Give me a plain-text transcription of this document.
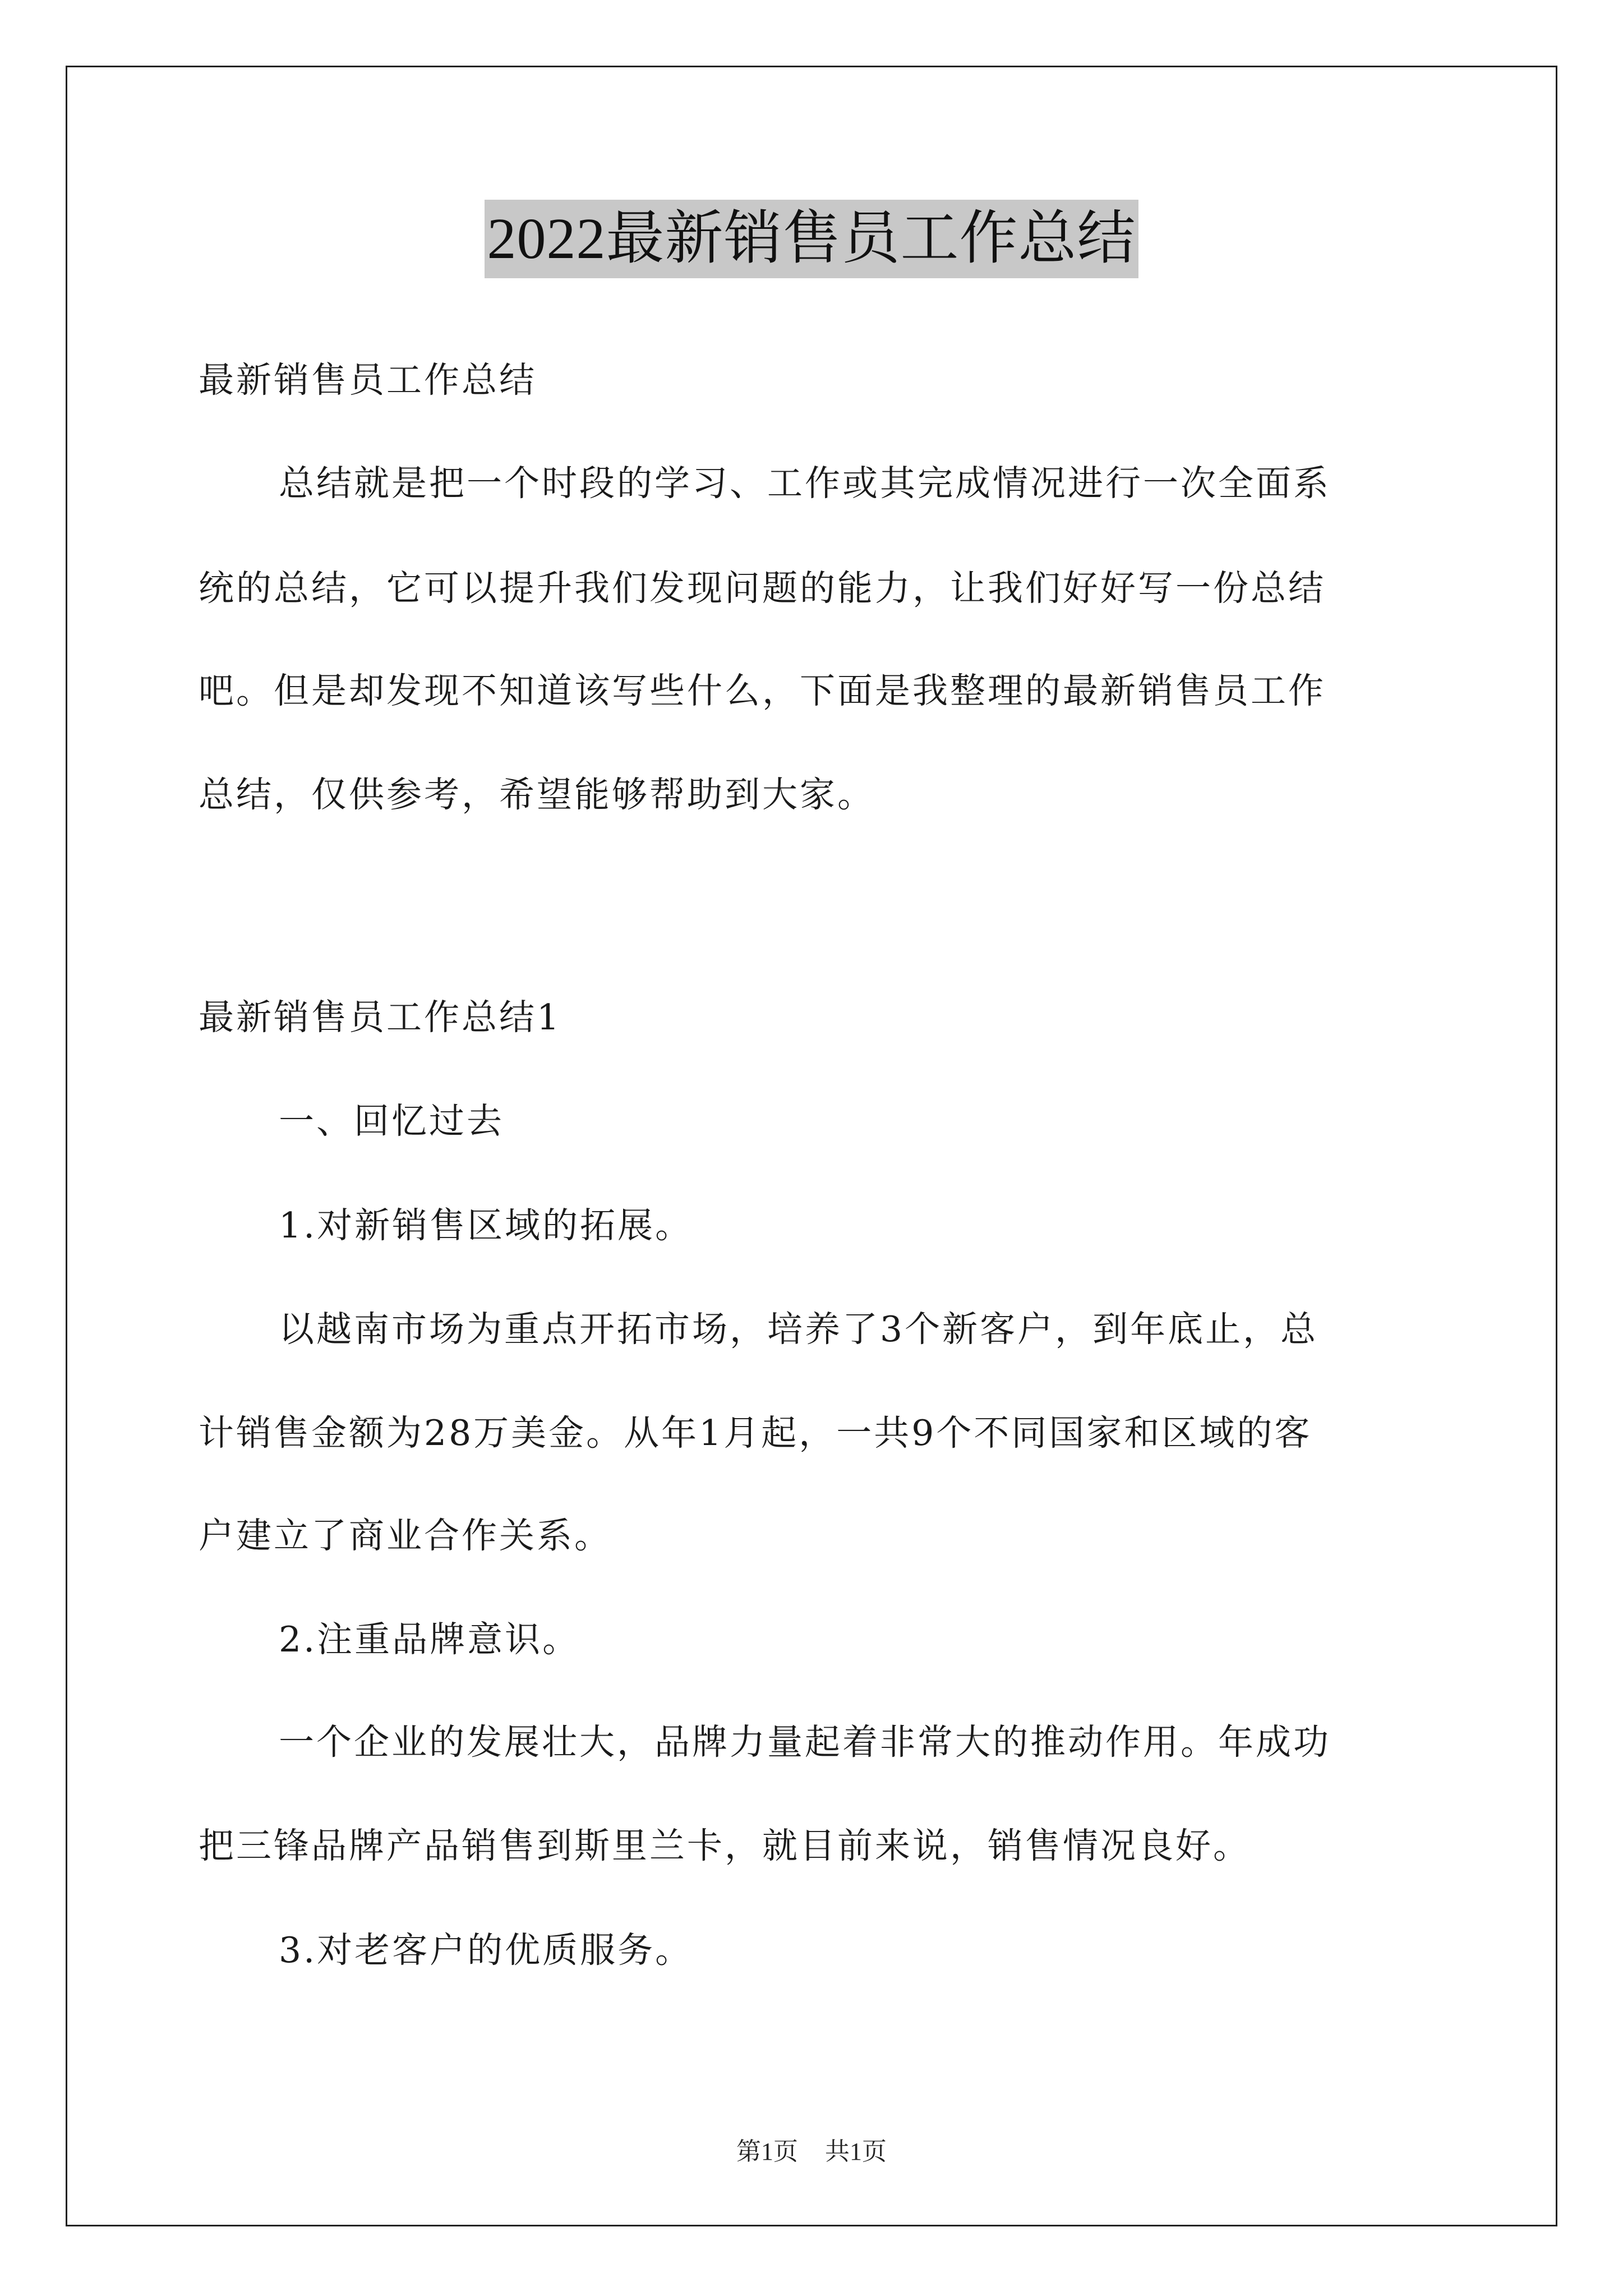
2022最新销售员工作总结
最新销售员工作总结
总结就是把一个时段的学习、工作或其完成情况进行一次全面系
统的总结，它可以提升我们发现问题的能力，让我们好好写一份总结
吧。但是却发现不知道该写些什么，下面是我整理的最新销售员工作
总结，仅供参考，希望能够帮助到大家。
最新销售员工作总结1
一、回忆过去
1.对新销售区域的拓展。
以越南市场为重点开拓市场，培养了3个新客户，到年底止，总
计销售金额为28万美金。从年1月起，一共9个不同国家和区域的客
户建立了商业合作关系。
2.注重品牌意识。
一个企业的发展壮大，品牌力量起着非常大的推动作用。年成功
把三锋品牌产品销售到斯里兰卡，就目前来说，销售情况良好。
3.对老客户的优质服务。
第1页 共1页
